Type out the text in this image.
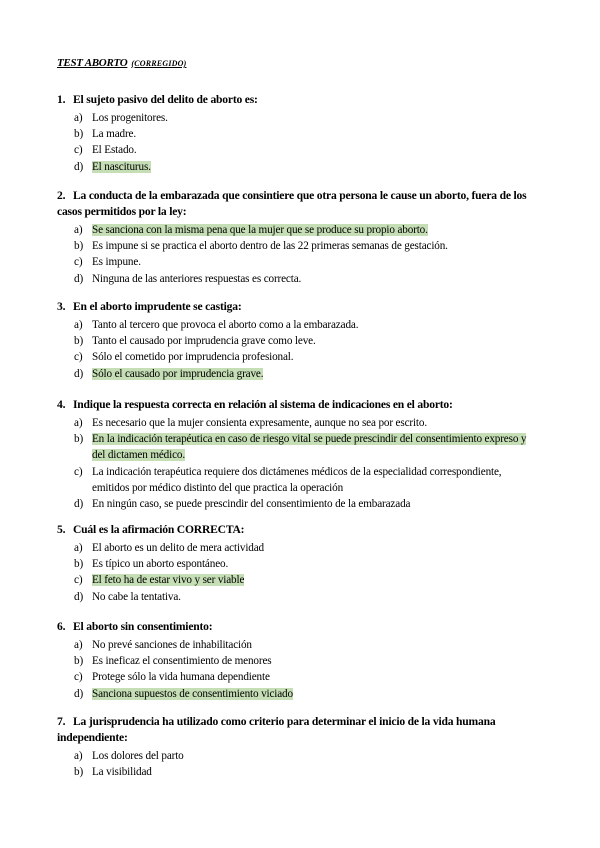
TEST ABORTO (CORREGIDO)
1. El sujeto pasivo del delito de aborto es:
a) Los progenitores.
b) La madre.
c) El Estado.
d) El nasciturus.
2. La conducta de la embarazada que consintiere que otra persona le cause un aborto, fuera de los casos permitidos por la ley:
a) Se sanciona con la misma pena que la mujer que se produce su propio aborto.
b) Es impune si se practica el aborto dentro de las 22 primeras semanas de gestación.
c) Es impune.
d) Ninguna de las anteriores respuestas es correcta.
3. En el aborto imprudente se castiga:
a) Tanto al tercero que provoca el aborto como a la embarazada.
b) Tanto el causado por imprudencia grave como leve.
c) Sólo el cometido por imprudencia profesional.
d) Sólo el causado por imprudencia grave.
4. Indique la respuesta correcta en relación al sistema de indicaciones en el aborto:
a) Es necesario que la mujer consienta expresamente, aunque no sea por escrito.
b) En la indicación terapéutica en caso de riesgo vital se puede prescindir del consentimiento expreso y del dictamen médico.
c) La indicación terapéutica requiere dos dictámenes médicos de la especialidad correspondiente, emitidos por médico distinto del que practica la operación
d) En ningún caso, se puede prescindir del consentimiento de la embarazada
5. Cuál es la afirmación CORRECTA:
a) El aborto es un delito de mera actividad
b) Es típico un aborto espontáneo.
c) El feto ha de estar vivo y ser viable
d) No cabe la tentativa.
6. El aborto sin consentimiento:
a) No prevé sanciones de inhabilitación
b) Es ineficaz el consentimiento de menores
c) Protege sólo la vida humana dependiente
d) Sanciona supuestos de consentimiento viciado
7. La jurisprudencia ha utilizado como criterio para determinar el inicio de la vida humana independiente:
a) Los dolores del parto
b) La visibilidad
